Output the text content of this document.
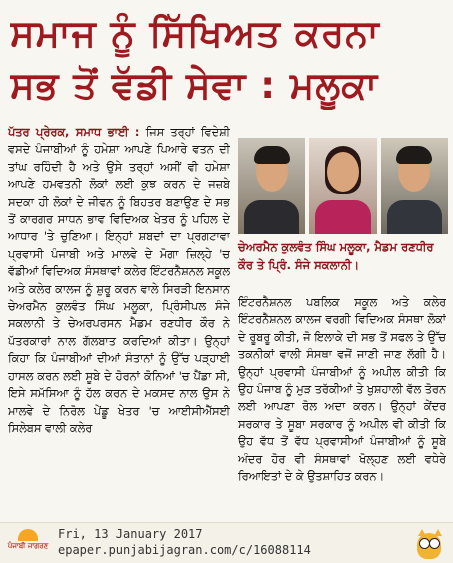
ਸਮਾਜ ਨੂੰ ਸਿੱਖਿਅਤ ਕਰਨਾ
ਸਭ ਤੋਂ ਵੱਡੀ ਸੇਵਾ : ਮਲੂਕਾ
ਪੱਤਰ ਪ੍ਰੇਰਕ, ਸਮਾਧ ਭਾਈ : ਜਿਸ ਤਰ੍ਹਾਂ ਵਿਦੇਸ਼ੀ ਵਸਦੇ ਪੰਜਾਬੀਆਂ ਨੂੰ ਹਮੇਸ਼ਾ ਆਪਣੇ ਪਿਆਰੇ ਵਤਨ ਦੀ ਤਾਂਘ ਰਹਿੰਦੀ ਹੈ ਅਤੇ ਉਸੇ ਤਰ੍ਹਾਂ ਅਸੀਂ ਵੀ ਹਮੇਸ਼ਾ ਆਪਣੇ ਹਮਵਤਨੀ ਲੋਕਾਂ ਲਈ ਕੁਝ ਕਰਨ ਦੇ ਜਜ਼ਬੇ ਸਦਕਾ ਹੀ ਲੋਕਾਂ ਦੇ ਜੀਵਨ ਨੂੰ ਬਿਹਤਰ ਬਣਾਉਣ ਦੇ ਸਭ ਤੋਂ ਕਾਰਗਰ ਸਾਧਨ ਭਾਵ ਵਿਦਿਅਕ ਖੇਤਰ ਨੂੰ ਪਹਿਲ ਦੇ ਆਧਾਰ 'ਤੇ ਚੁਣਿਆ। ਇਨ੍ਹਾਂ ਸ਼ਬਦਾਂ ਦਾ ਪ੍ਰਗਟਾਵਾ ਪ੍ਰਵਾਸੀ ਪੰਜਾਬੀ ਅਤੇ ਮਾਲਵੇ ਦੇ ਮੋਗਾ ਜ਼ਿਲ੍ਹੇ 'ਚ ਵੱਡੀਆਂ ਵਿਦਿਅਕ ਸੰਸਥਾਵਾਂ ਕਲੇਰ ਇੰਟਰਨੈਸ਼ਨਲ ਸਕੂਲ ਅਤੇ ਕਲੇਰ ਕਾਲਜ ਨੂੰ ਸ਼ੁਰੂ ਕਰਨ ਵਾਲੇ ਸਿਰੜੀ ਇਨਸਾਨ ਚੇਅਰਮੈਨ ਕੁਲਵੰਤ ਸਿੰਘ ਮਲੂਕਾ, ਪ੍ਰਿੰਸੀਪਲ ਸੰਜੇ ਸਕਲਾਨੀ ਤੇ ਚੇਅਰਪਰਸਨ ਮੈਡਮ ਰਣਧੀਰ ਕੌਰ ਨੇ ਪੱਤਰਕਾਰਾਂ ਨਾਲ ਗੱਲਬਾਤ ਕਰਦਿਆਂ ਕੀਤਾ। ਉਨ੍ਹਾਂ ਕਿਹਾ ਕਿ ਪੰਜਾਬੀਆਂ ਦੀਆਂ ਸੰਤਾਨਾਂ ਨੂੰ ਉੱਚ ਪੜ੍ਹਾਈ ਹਾਸਲ ਕਰਨ ਲਈ ਸੂਬੇ ਦੇ ਹੋਰਨਾਂ ਕੋਨਿਆਂ 'ਚ ਪੈਂਡਾ ਸੀ, ਇਸੇ ਸਮੱਸਿਆ ਨੂੰ ਹੱਲ ਕਰਨ ਦੇ ਮਕਸਦ ਨਾਲ ਉਸ ਨੇ ਮਾਲਵੇ ਦੇ ਨਿਰੋਲ ਪੇਂਡੂ ਖੇਤਰ 'ਚ ਆਈਸੀਐੱਸਈ ਸਿਲੇਬਸ ਵਾਲੀ ਕਲੇਰ
ਚੇਅਰਮੈਨ ਕੁਲਵੰਤ ਸਿੰਘ ਮਲੂਕਾ, ਮੈਡਮ ਰਣਧੀਰ ਕੌਰ ਤੇ ਪ੍ਰਿੰ. ਸੰਜੇ ਸਕਲਾਨੀ।
ਇੰਟਰਨੈਸ਼ਨਲ ਪਬਲਿਕ ਸਕੂਲ ਅਤੇ ਕਲੇਰ ਇੰਟਰਨੈਸ਼ਨਲ ਕਾਲਜ ਵਰਗੀ ਵਿਦਿਅਕ ਸੰਸਥਾ ਲੋਕਾਂ ਦੇ ਰੂਬਰੂ ਕੀਤੀ, ਜੋ ਇਲਾਕੇ ਦੀ ਸਭ ਤੋਂ ਸਫਲ ਤੇ ਉੱਚ ਤਕਨੀਕਾਂ ਵਾਲੀ ਸੰਸਥਾ ਵਜੋਂ ਜਾਣੀ ਜਾਣ ਲੱਗੀ ਹੈ। ਉਨ੍ਹਾਂ ਪ੍ਰਵਾਸੀ ਪੰਜਾਬੀਆਂ ਨੂੰ ਅਪੀਲ ਕੀਤੀ ਕਿ ਉਹ ਪੰਜਾਬ ਨੂੰ ਮੁੜ ਤਰੱਕੀਆਂ ਤੇ ਖੁਸ਼ਹਾਲੀ ਵੱਲ ਤੋਰਨ ਲਈ ਆਪਣਾ ਰੋਲ ਅਦਾ ਕਰਨ। ਉਨ੍ਹਾਂ ਕੇਂਦਰ ਸਰਕਾਰ ਤੇ ਸੂਬਾ ਸਰਕਾਰ ਨੂੰ ਅਪੀਲ ਵੀ ਕੀਤੀ ਕਿ ਉਹ ਵੱਧ ਤੋਂ ਵੱਧ ਪ੍ਰਵਾਸੀਆਂ ਪੰਜਾਬੀਆਂ ਨੂੰ ਸੂਬੇ ਅੰਦਰ ਹੋਰ ਵੀ ਸੰਸਥਾਵਾਂ ਖੋਲ੍ਹਣ ਲਈ ਵਧੇਰੇ ਰਿਆਇਤਾਂ ਦੇ ਕੇ ਉਤਸ਼ਾਹਿਤ ਕਰਨ।
ਪੰਜਾਬੀ ਜਾਗਰਣ
Fri, 13 January 2017
epaper.punjabijagran.com/c/16088114
